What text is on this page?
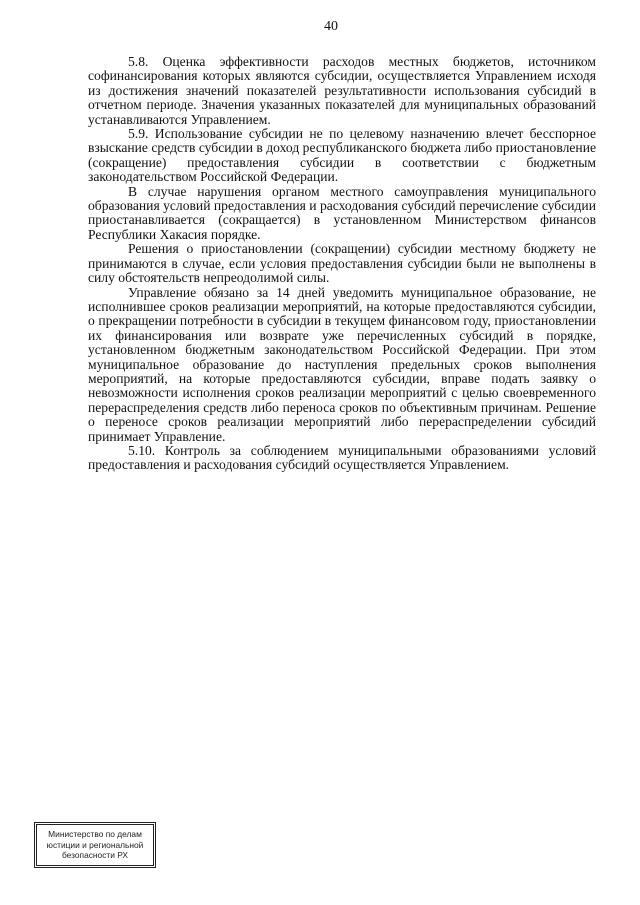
40

5.8. Оценка эффективности расходов местных бюджетов, источником софинансирования которых являются субсидии, осуществляется Управлением исходя из достижения значений показателей результативности использования субсидий в отчетном периоде. Значения указанных показателей для муниципальных образований устанавливаются Управлением.

5.9. Использование субсидии не по целевому назначению влечет бесспорное взыскание средств субсидии в доход республиканского бюджета либо приостановление (сокращение) предоставления субсидии в соответствии с бюджетным законодательством Российской Федерации.

В случае нарушения органом местного самоуправления муниципального образования условий предоставления и расходования субсидий перечисление субсидии приостанавливается (сокращается) в установленном Министерством финансов Республики Хакасия порядке.

Решения о приостановлении (сокращении) субсидии местному бюджету не принимаются в случае, если условия предоставления субсидии были не выполнены в силу обстоятельств непреодолимой силы.

Управление обязано за 14 дней уведомить муниципальное образование, не исполнившее сроков реализации мероприятий, на которые предоставляются субсидии, о прекращении потребности в субсидии в текущем финансовом году, приостановлении их финансирования или возврате уже перечисленных субсидий в порядке, установленном бюджетным законодательством Российской Федерации. При этом муниципальное образование до наступления предельных сроков выполнения мероприятий, на которые предоставляются субсидии, вправе подать заявку о невозможности исполнения сроков реализации мероприятий с целью своевременного перераспределения средств либо переноса сроков по объективным причинам. Решение о переносе сроков реализации мероприятий либо перераспределении субсидий принимает Управление.

5.10. Контроль за соблюдением муниципальными образованиями условий предоставления и расходования субсидий осуществляется Управлением.

Министерство по делам
юстиции и региональной
безопасности РХ
